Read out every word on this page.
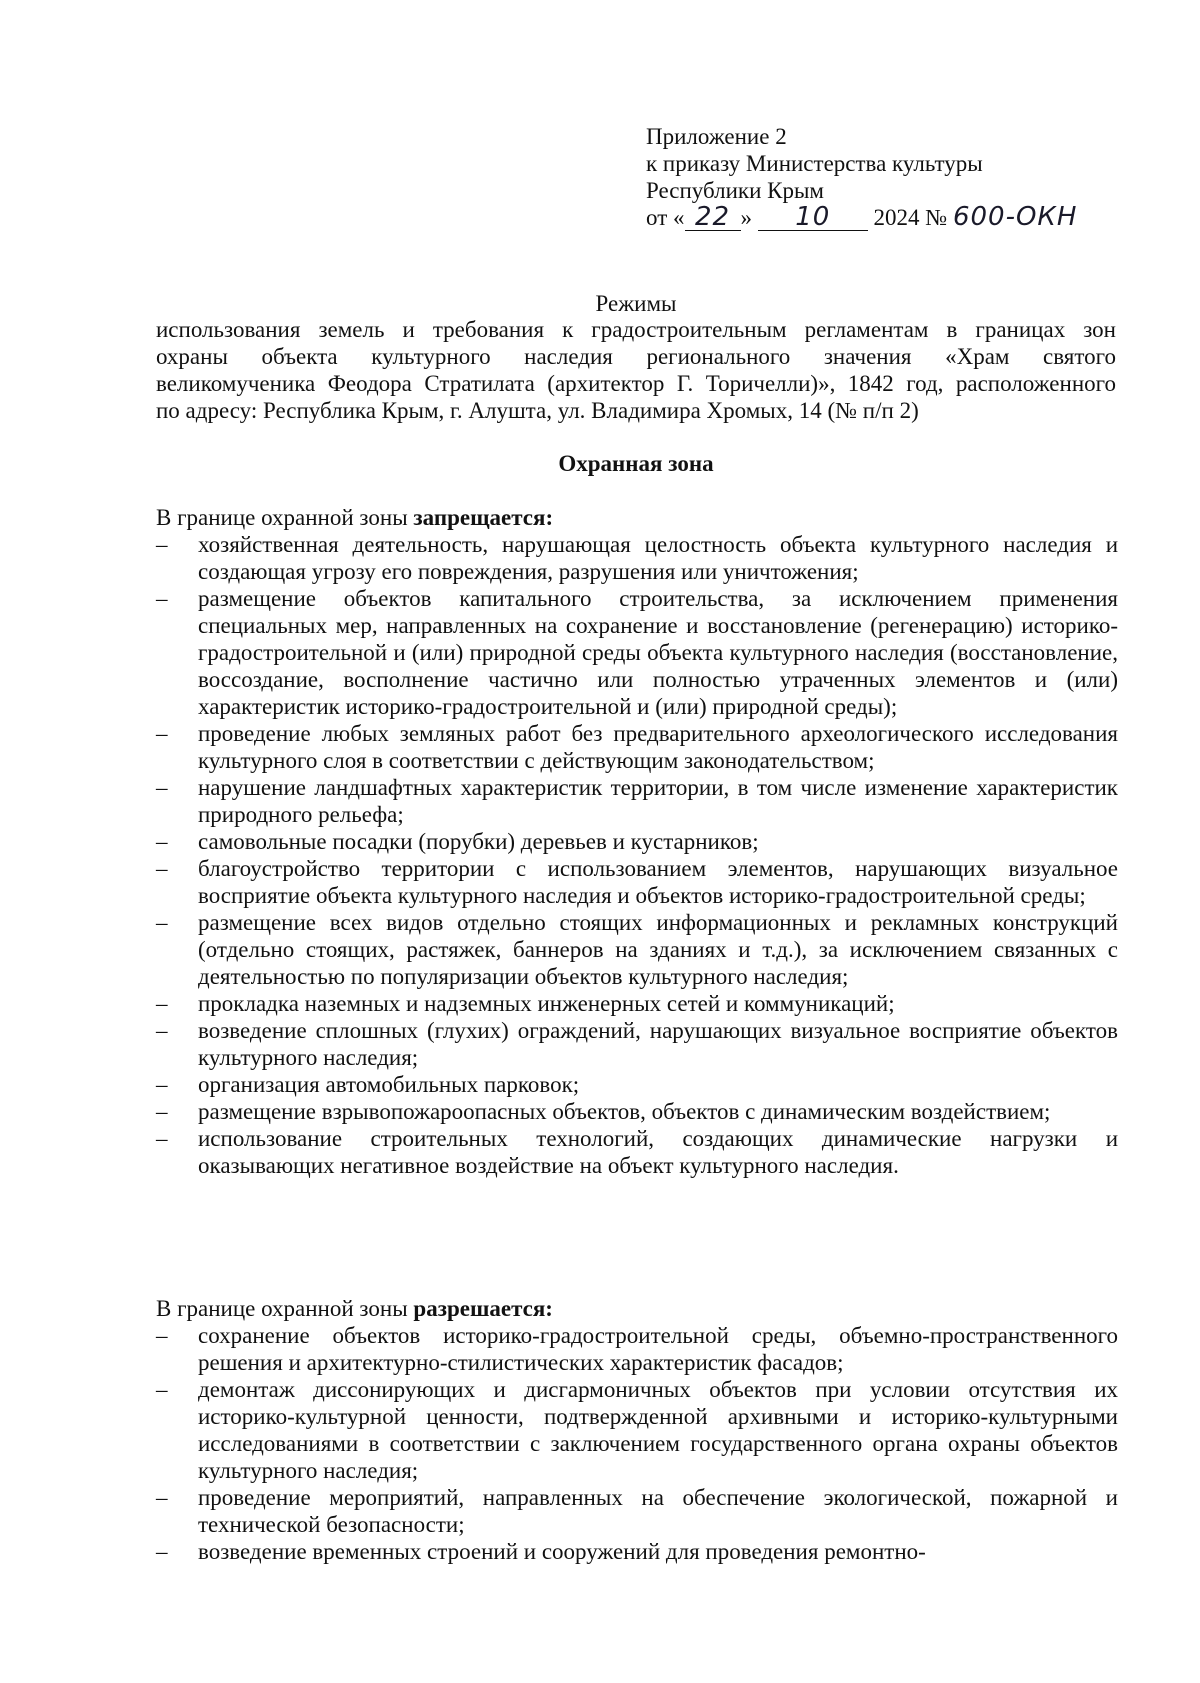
Приложение 2
к приказу Министерства культуры
Республики Крым
от « 22 » 10 2024 № 600-ОКН
Режимы
использования земель и требования к градостроительным регламентам в границах зон
охраны объекта культурного наследия регионального значения «Храм святого
великомученика Феодора Стратилата (архитектор Г. Торичелли)», 1842 год, расположенного
по адресу: Республика Крым, г. Алушта, ул. Владимира Хромых, 14 (№ п/п 2)
Охранная зона

В границе охранной зоны запрещается:

– хозяйственная деятельность, нарушающая целостность объекта культурного наследия и создающая угрозу его повреждения, разрушения или уничтожения;
– размещение объектов капитального строительства, за исключением применения специальных мер, направленных на сохранение и восстановление (регенерацию) историко-градостроительной и (или) природной среды объекта культурного наследия (восстановление, воссоздание, восполнение частично или полностью утраченных элементов и (или) характеристик историко-градостроительной и (или) природной среды);
– проведение любых земляных работ без предварительного археологического исследования культурного слоя в соответствии с действующим законодательством;
– нарушение ландшафтных характеристик территории, в том числе изменение характеристик природного рельефа;
– самовольные посадки (порубки) деревьев и кустарников;
– благоустройство территории с использованием элементов, нарушающих визуальное восприятие объекта культурного наследия и объектов историко-градостроительной среды;
– размещение всех видов отдельно стоящих информационных и рекламных конструкций (отдельно стоящих, растяжек, баннеров на зданиях и т.д.), за исключением связанных с деятельностью по популяризации объектов культурного наследия;
– прокладка наземных и надземных инженерных сетей и коммуникаций;
– возведение сплошных (глухих) ограждений, нарушающих визуальное восприятие объектов культурного наследия;
– организация автомобильных парковок;
– размещение взрывопожароопасных объектов, объектов с динамическим воздействием;
– использование строительных технологий, создающих динамические нагрузки и оказывающих негативное воздействие на объект культурного наследия.

В границе охранной зоны разрешается:

– сохранение объектов историко-градостроительной среды, объемно-пространственного решения и архитектурно-стилистических характеристик фасадов;
– демонтаж диссонирующих и дисгармоничных объектов при условии отсутствия их историко-культурной ценности, подтвержденной архивными и историко-культурными исследованиями в соответствии с заключением государственного органа охраны объектов культурного наследия;
– проведение мероприятий, направленных на обеспечение экологической, пожарной и технической безопасности;
– возведение временных строений и сооружений для проведения ремонтно-
